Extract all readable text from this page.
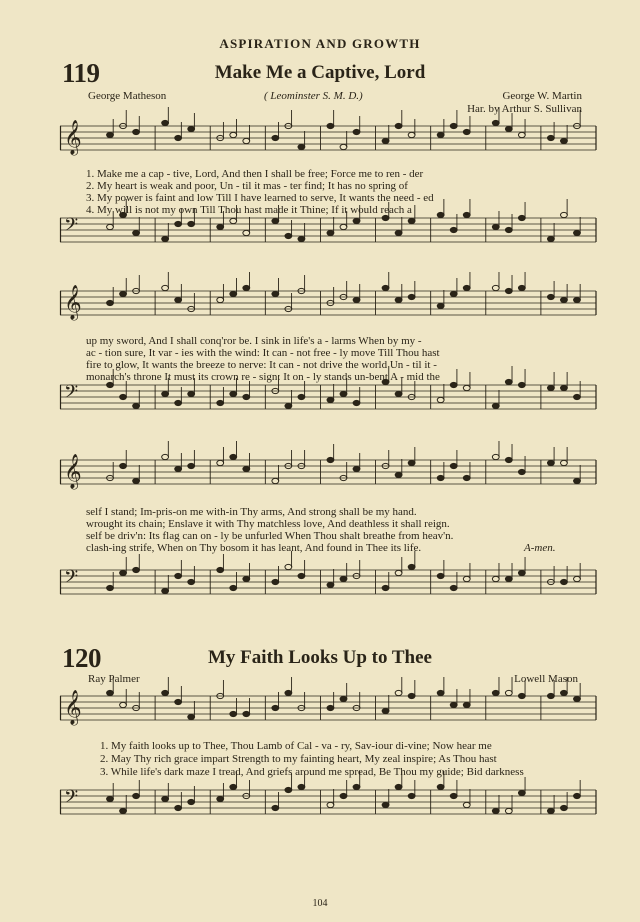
ASPIRATION AND GROWTH
119	Make Me a Captive, Lord
George Matheson	( Leominster S. M. D.)	George W. Martin
Har. by Arthur S. Sullivan
𝄞
𝄢
1. Make me a cap - tive, Lord, And then I shall be free; Force me to ren - der
2. My heart is weak and poor, Un - til it mas - ter find; It has no spring of
3. My power is faint and low Till I have learned to serve, It wants the need - ed
4. My will is not my own Till Thou hast made it Thine; If it would reach a
𝄞
𝄢
up my sword, And I shall conq'ror be. I sink in life's a - larms When by my -
ac - tion sure, It var - ies with the wind: It can - not free - ly move Till Thou hast
fire to glow, It wants the breeze to nerve: It can - not drive the world Un - til it -
monarch's throne It must its crown re - sign: It on - ly stands un-bent A - mid the
𝄞
𝄢
self I stand; Im-pris-on me with-in Thy arms, And strong shall be my hand.
wrought its chain; Enslave it with Thy matchless love, And deathless it shall reign.
self be driv'n: Its flag can on - ly be unfurled When Thou shalt breathe from heav'n.
clash-ing strife, When on Thy bosom it has leant, And found in Thee its life.	A-men.
120	My Faith Looks Up to Thee
Ray Palmer	Lowell Mason
𝄞
𝄢
1. My faith looks up to Thee, Thou Lamb of Cal - va - ry, Sav-iour di-vine; Now hear me
2. May Thy rich grace impart Strength to my fainting heart, My zeal inspire; As Thou hast
3. While life's dark maze I tread, And griefs around me spread, Be Thou my guide; Bid darkness
104
